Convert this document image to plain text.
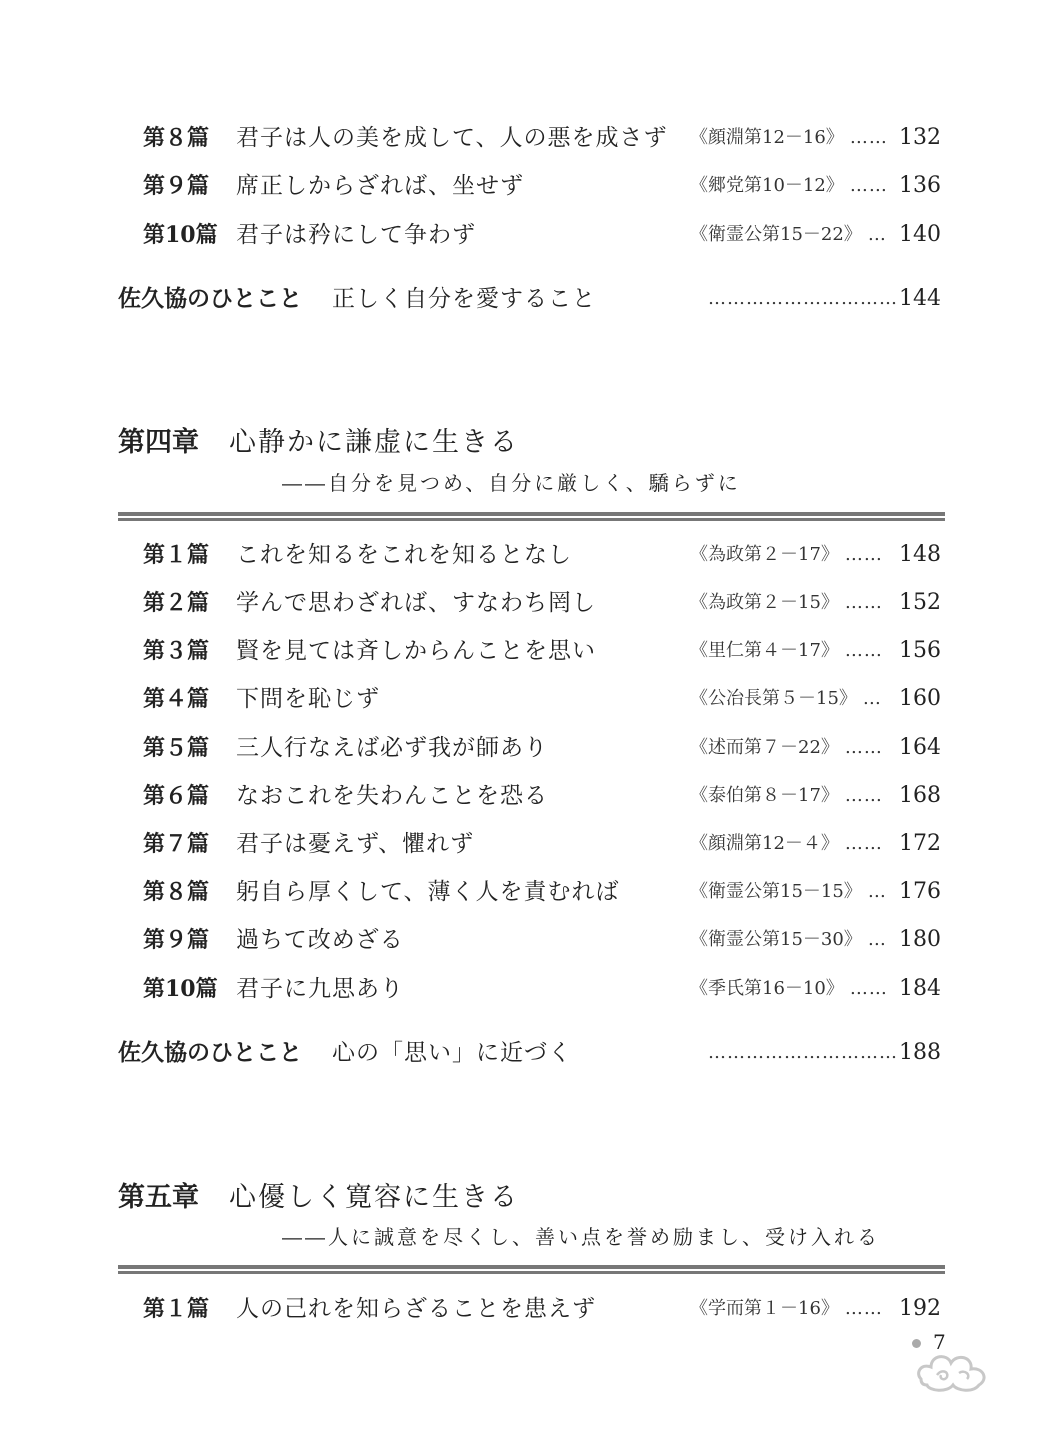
第８篇 君子は人の美を成して、人の悪を成さず 《顔淵第12－16》 …… 132
第９篇 席正しからざれば、坐せず	《郷党第10－12》 …… 136
第10篇 君子は矜にして争わず	《衛霊公第15－22》 … 140
佐久協のひとこと 正しく自分を愛すること	………………………… 144
第四章 心静かに謙虚に生きる
――自分を見つめ、自分に厳しく、驕らずに
第１篇 これを知るをこれを知るとなし	《為政第２－17》 …… 148
第２篇 学んで思わざれば、すなわち罔し	《為政第２－15》 …… 152
第３篇 賢を見ては斉しからんことを思い	《里仁第４－17》 …… 156
第４篇 下問を恥じず	《公冶長第５－15》 … 160
第５篇 三人行なえば必ず我が師あり	《述而第７－22》 …… 164
第６篇 なおこれを失わんことを恐る	《泰伯第８－17》 …… 168
第７篇 君子は憂えず、懼れず	《顔淵第12－４》 …… 172
第８篇 躬自ら厚くして、薄く人を責むれば	《衛霊公第15－15》 … 176
第９篇 過ちて改めざる	《衛霊公第15－30》 … 180
第10篇 君子に九思あり	《季氏第16－10》 …… 184
佐久協のひとこと 心の「思い」に近づく	………………………… 188
第五章 心優しく寛容に生きる
――人に誠意を尽くし、善い点を誉め励まし、受け入れる
第１篇 人の己れを知らざることを患えず	《学而第１－16》 …… 192
7
